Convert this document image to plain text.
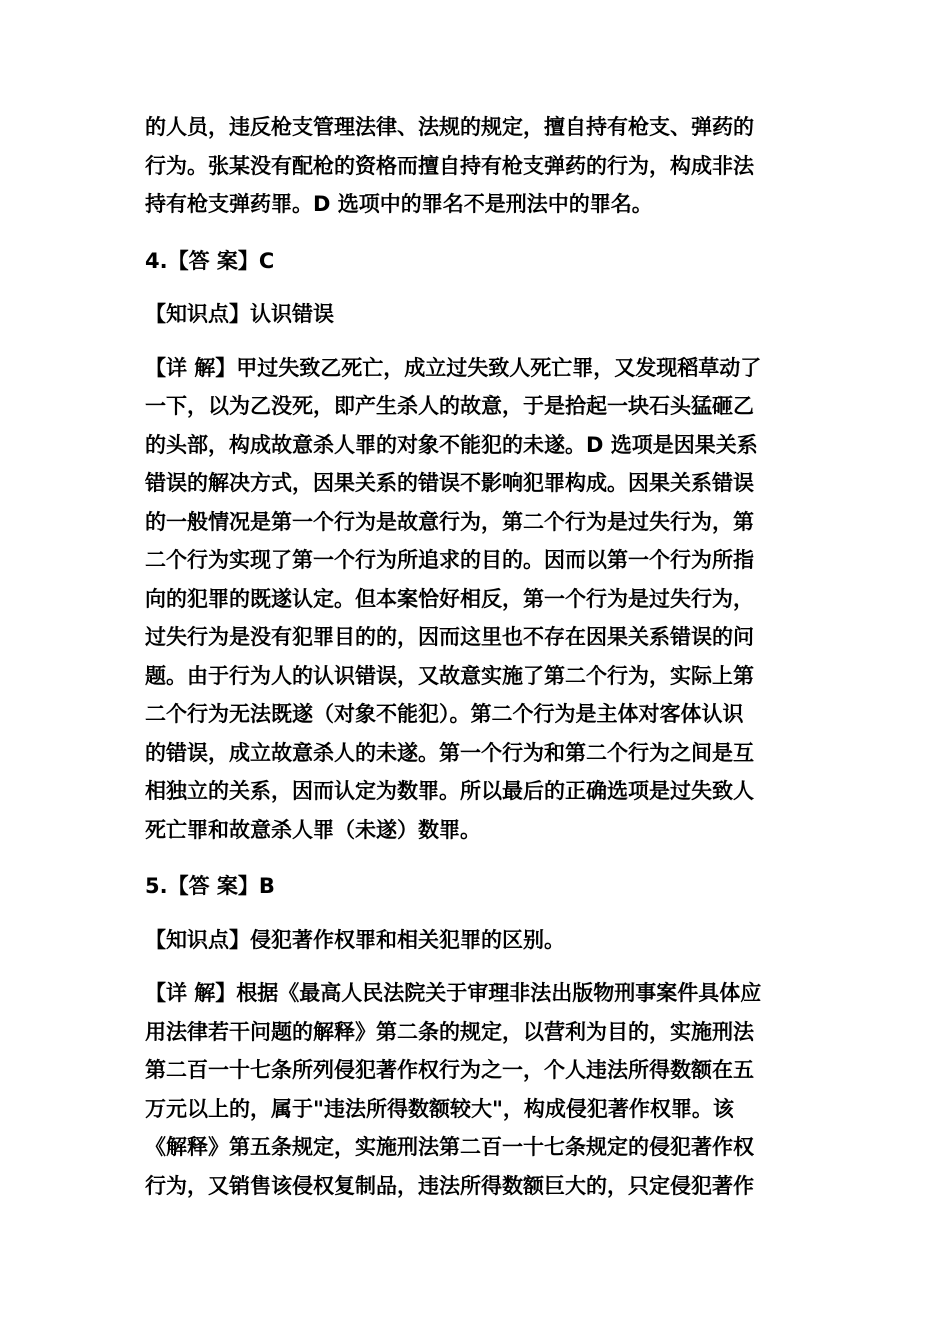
的人员，违反枪支管理法律、法规的规定，擅自持有枪支、弹药的
行为。张某没有配枪的资格而擅自持有枪支弹药的行为，构成非法
持有枪支弹药罪。D 选项中的罪名不是刑法中的罪名。

4.【答 案】C

【知识点】认识错误

【详 解】甲过失致乙死亡，成立过失致人死亡罪，又发现稻草动了
一下，以为乙没死，即产生杀人的故意，于是拾起一块石头猛砸乙
的头部，构成故意杀人罪的对象不能犯的未遂。D 选项是因果关系
错误的解决方式，因果关系的错误不影响犯罪构成。因果关系错误
的一般情况是第一个行为是故意行为，第二个行为是过失行为，第
二个行为实现了第一个行为所追求的目的。因而以第一个行为所指
向的犯罪的既遂认定。但本案恰好相反，第一个行为是过失行为，
过失行为是没有犯罪目的的，因而这里也不存在因果关系错误的问
题。由于行为人的认识错误，又故意实施了第二个行为，实际上第
二个行为无法既遂（对象不能犯）。第二个行为是主体对客体认识
的错误，成立故意杀人的未遂。第一个行为和第二个行为之间是互
相独立的关系，因而认定为数罪。所以最后的正确选项是过失致人
死亡罪和故意杀人罪（未遂）数罪。

5.【答 案】B

【知识点】侵犯著作权罪和相关犯罪的区别。

【详 解】根据《最高人民法院关于审理非法出版物刑事案件具体应
用法律若干问题的解释》第二条的规定，以营利为目的，实施刑法
第二百一十七条所列侵犯著作权行为之一，个人违法所得数额在五
万元以上的，属于"违法所得数额较大"，构成侵犯著作权罪。该
《解释》第五条规定，实施刑法第二百一十七条规定的侵犯著作权
行为，又销售该侵权复制品，违法所得数额巨大的，只定侵犯著作
